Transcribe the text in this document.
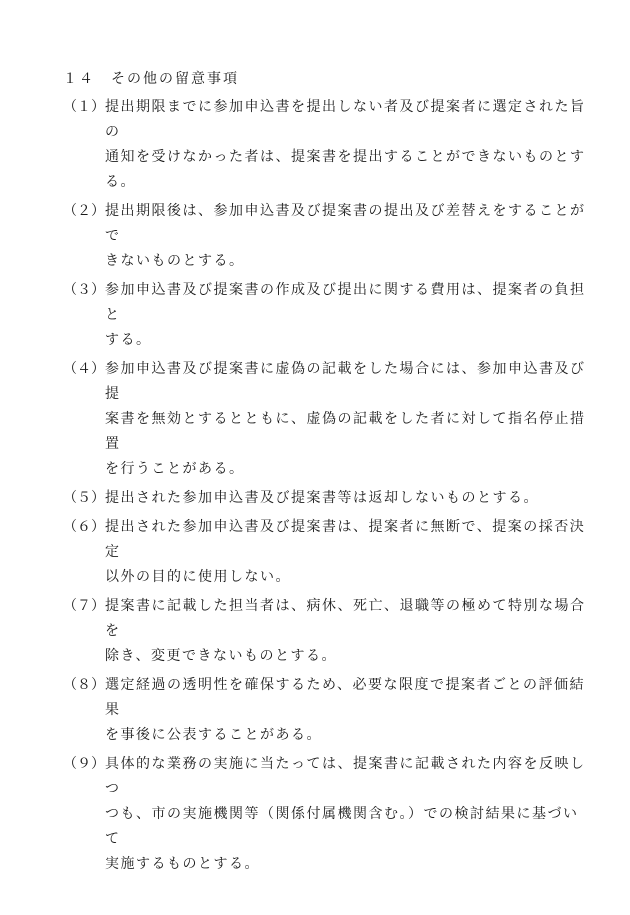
１４　その他の留意事項
（１） 提出期限までに参加申込書を提出しない者及び提案者に選定された旨の
通知を受けなかった者は、提案書を提出することができないものとする。
（２） 提出期限後は、参加申込書及び提案書の提出及び差替えをすることがで
きないものとする。
（３） 参加申込書及び提案書の作成及び提出に関する費用は、提案者の負担と
する。
（４） 参加申込書及び提案書に虚偽の記載をした場合には、参加申込書及び提
案書を無効とするとともに、虚偽の記載をした者に対して指名停止措置
を行うことがある。
（５） 提出された参加申込書及び提案書等は返却しないものとする。
（６） 提出された参加申込書及び提案書は、提案者に無断で、提案の採否決定
以外の目的に使用しない。
（７） 提案書に記載した担当者は、病休、死亡、退職等の極めて特別な場合を
除き、変更できないものとする。
（８） 選定経過の透明性を確保するため、必要な限度で提案者ごとの評価結果
を事後に公表することがある。
（９） 具体的な業務の実施に当たっては、提案書に記載された内容を反映しつ
つも、市の実施機関等（関係付属機関含む。）での検討結果に基づいて
実施するものとする。
